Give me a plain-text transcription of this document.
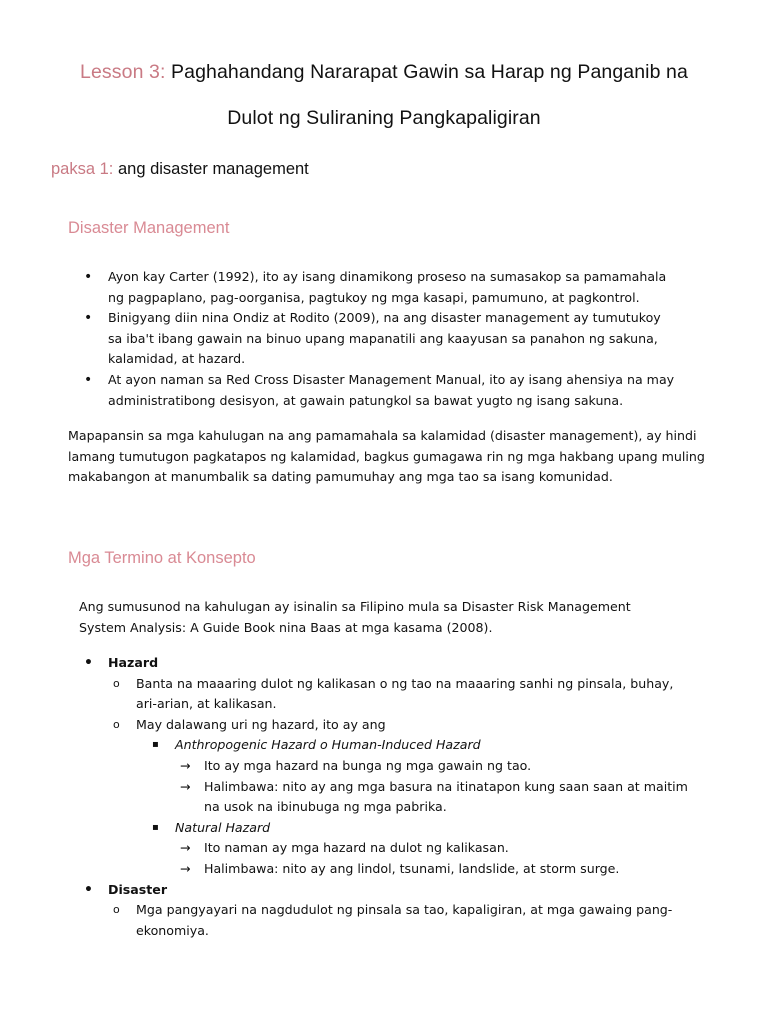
Lesson 3: Paghahandang Nararapat Gawin sa Harap ng Panganib na
Dulot ng Suliraning Pangkapaligiran
paksa 1: ang disaster management
Disaster Management
• Ayon kay Carter (1992), ito ay isang dinamikong proseso na sumasakop sa pamamahala ng pagpaplano, pag-oorganisa, pagtukoy ng mga kasapi, pamumuno, at pagkontrol.
• Binigyang diin nina Ondiz at Rodito (2009), na ang disaster management ay tumutukoy sa iba't ibang gawain na binuo upang mapanatili ang kaayusan sa panahon ng sakuna, kalamidad, at hazard.
• At ayon naman sa Red Cross Disaster Management Manual, ito ay isang ahensiya na may administratibong desisyon, at gawain patungkol sa bawat yugto ng isang sakuna.
Mapapansin sa mga kahulugan na ang pamamahala sa kalamidad (disaster management), ay hindi lamang tumutugon pagkatapos ng kalamidad, bagkus gumagawa rin ng mga hakbang upang muling makabangon at manumbalik sa dating pamumuhay ang mga tao sa isang komunidad.
Mga Termino at Konsepto
Ang sumusunod na kahulugan ay isinalin sa Filipino mula sa Disaster Risk Management System Analysis: A Guide Book nina Baas at mga kasama (2008).
• Hazard
o Banta na maaaring dulot ng kalikasan o ng tao na maaaring sanhi ng pinsala, buhay, ari-arian, at kalikasan.
o May dalawang uri ng hazard, ito ay ang
▪ Anthropogenic Hazard o Human-Induced Hazard
→ Ito ay mga hazard na bunga ng mga gawain ng tao.
→ Halimbawa: nito ay ang mga basura na itinatapon kung saan saan at maitim na usok na ibinubuga ng mga pabrika.
▪ Natural Hazard
→ Ito naman ay mga hazard na dulot ng kalikasan.
→ Halimbawa: nito ay ang lindol, tsunami, landslide, at storm surge.
• Disaster
o Mga pangyayari na nagdudulot ng pinsala sa tao, kapaligiran, at mga gawaing pang-ekonomiya.
